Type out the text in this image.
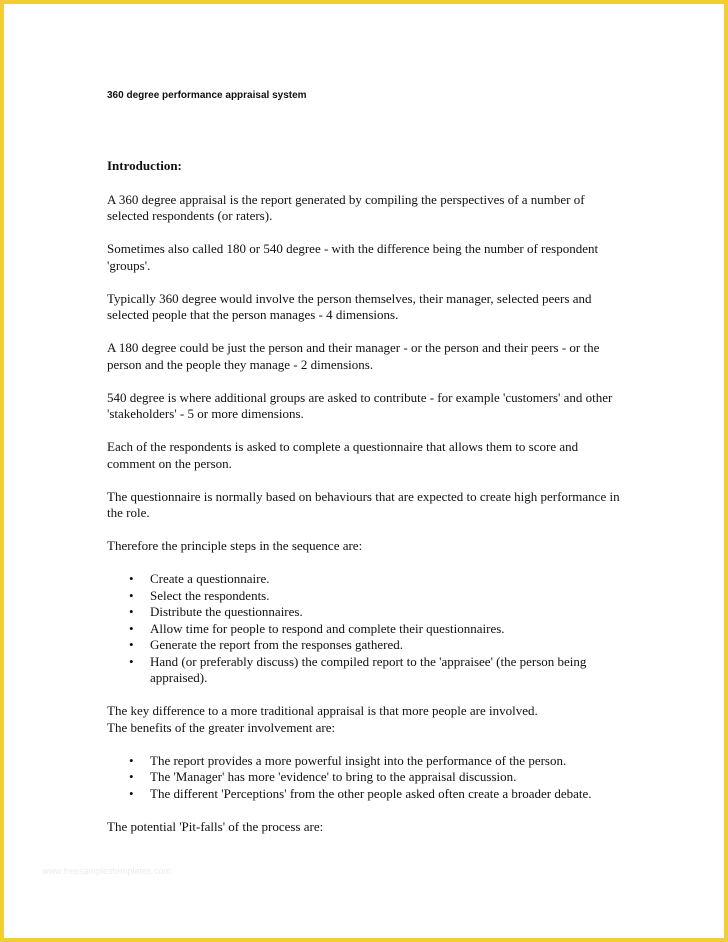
360 degree performance appraisal system
Introduction:

A 360 degree appraisal is the report generated by compiling the perspectives of a number of selected respondents (or raters).

Sometimes also called 180 or 540 degree - with the difference being the number of respondent 'groups'.

Typically 360 degree would involve the person themselves, their manager, selected peers and selected people that the person manages - 4 dimensions.

A 180 degree could be just the person and their manager - or the person and their peers - or the person and the people they manage - 2 dimensions.

540 degree is where additional groups are asked to contribute - for example 'customers' and other 'stakeholders' - 5 or more dimensions.

Each of the respondents is asked to complete a questionnaire that allows them to score and comment on the person.

The questionnaire is normally based on behaviours that are expected to create high performance in the role.

Therefore the principle steps in the sequence are:

• Create a questionnaire.
• Select the respondents.
• Distribute the questionnaires.
• Allow time for people to respond and complete their questionnaires.
• Generate the report from the responses gathered.
• Hand (or preferably discuss) the compiled report to the 'appraisee' (the person being appraised).

The key difference to a more traditional appraisal is that more people are involved.
The benefits of the greater involvement are:

• The report provides a more powerful insight into the performance of the person.
• The 'Manager' has more 'evidence' to bring to the appraisal discussion.
• The different 'Perceptions' from the other people asked often create a broader debate.

The potential 'Pit-falls' of the process are:

www.freesamplestemplates.com
